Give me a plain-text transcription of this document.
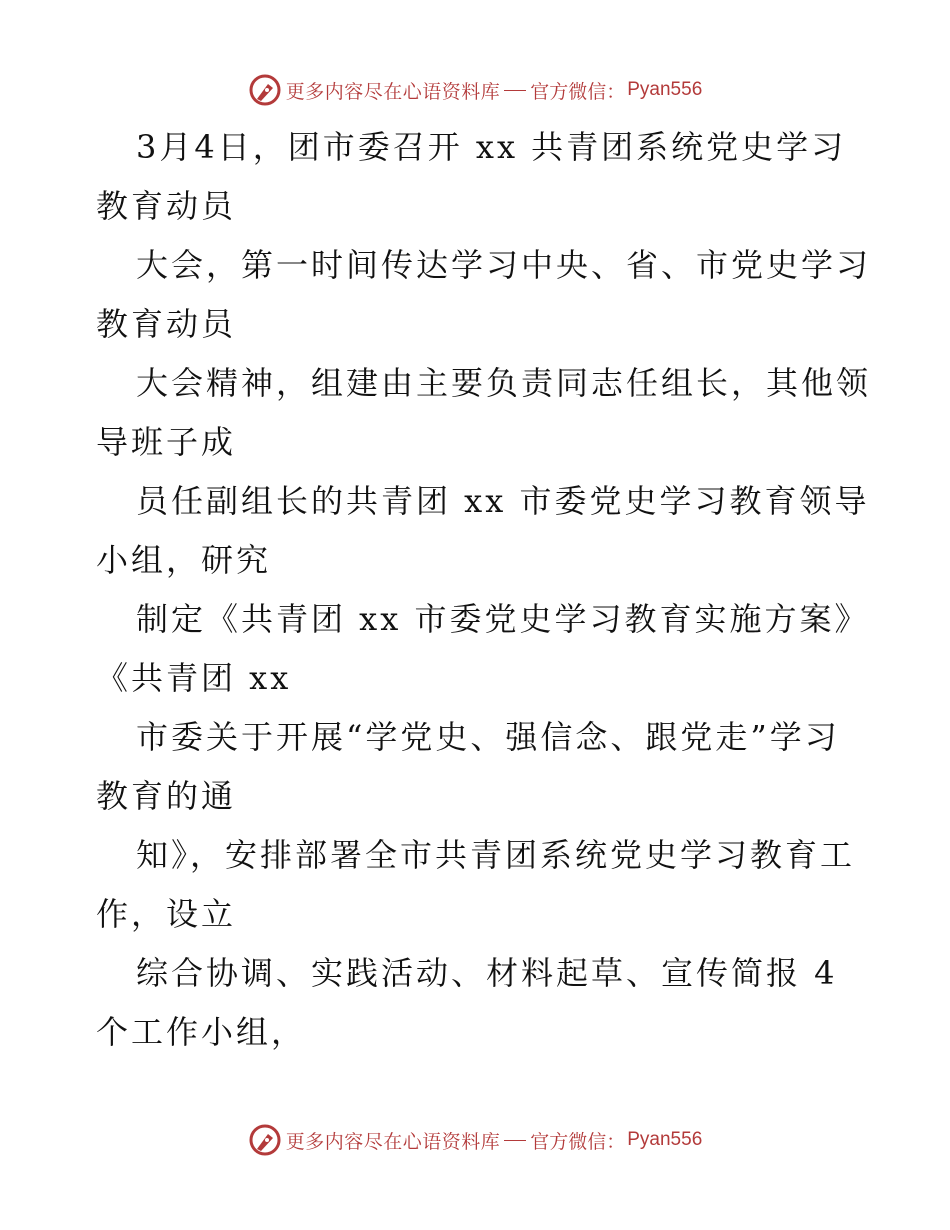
更多内容尽在心语资料库 官方微信： Pyan556
3月4日，团市委召开 xx 共青团系统党史学习
教育动员
大会，第一时间传达学习中央、省、市党史学习
教育动员
大会精神，组建由主要负责同志任组长，其他领
导班子成
员任副组长的共青团 xx 市委党史学习教育领导
小组，研究
制定《共青团 xx 市委党史学习教育实施方案》
《共青团 xx
市委关于开展“学党史、强信念、跟党走”学习
教育的通
知》，安排部署全市共青团系统党史学习教育工
作，设立
综合协调、实践活动、材料起草、宣传简报 4
个工作小组，
更多内容尽在心语资料库 官方微信： Pyan556
